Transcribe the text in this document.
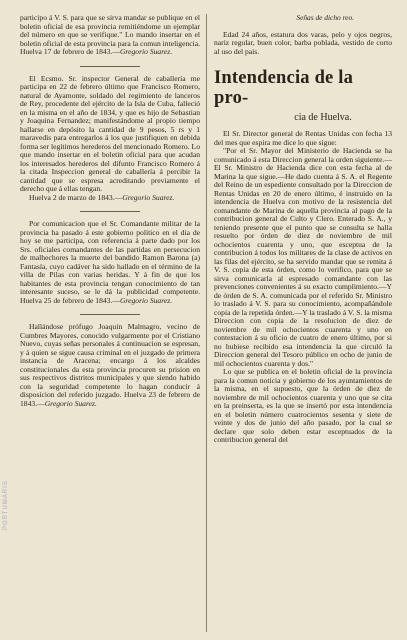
PORTUMARIS

participo á V. S. para que se sirva mandar se publique en el boletin oficial de esa provincia remitiéndome un ejemplar del número en que se verifique." Lo mando insertar en el boletin oficial de esta provincia para la comun inteligencia. Huelva 17 de febrero de 1843.—Gregorio Suarez.

El Ecsmo. Sr. inspector General de caballería me participa en 22 de febrero último que Francisco Romero, natural de Ayamonte, soldado del regimiento de lanceros de Rey, procedente del ejército de la Isla de Cuba, falleció en la misma en el año de 1834, y que es hijo de Sebastian y Joaquina Fernandez; manifestándome al propio tiempo hallarse en depósito la cantidad de 9 pesos, 5 rs y 1 maravedis para entregarlos á los que justifiquen en debida forma ser legítimos herederos del mencionado Romero. Lo que mando insertar en el boletin oficial para que acudan los interesados herederos del difunto Francisco Romero á la citada Inspeccion general de caballería á percibir la cantidad que se espresa acreditando previamente el derecho que á ellas tengan.

Huelva 2 de marzo de 1843.—Gregorio Suarez.

Por comunicacion que el Sr. Comandante militar de la provincia ha pasado á este gobierno político en el dia de hoy se me participa, con referencia á parte dado por los Srs. oficiales comandantes de las partidas en persecucion de malhechores la muerte del bandido Ramon Barona (a) Fantasía, cuyo cadáver ha sido hallado en el término de la villa de Pilas con varias heridas. Y á fin de que los habitantes de esta provincia tengan conocimiento de tan interesante suceso, se le dá la publicidad competente. Huelva 25 de febrero de 1843.—Gregorio Suarez.

Hallándose prófugo Joaquin Malmagro, vecino de Cumbres Mayores, conocido vulgarmente por el Cristiano Nuevo, cuyas señas personales á continuacion se espresan, y á quien se sigue causa criminal en el juzgado de primera instancia de Aracena; encargo á los alcaldes constitucionales da esta provincia procuren su prision en sus respectivos distritos municipales y que siendo habido con la seguridad competente lo hagan conducir á disposicion del referido juzgado. Huelva 23 de febrero de 1843.—Gregorio Suarez.

Señas de dicho reo.

Edad 24 años, estatura dos varas, pelo y ojos negros, nariz regular, buen color, barba poblada, vestido de corto al uso del pais.

Intendencia de la pro-
cia de Huelva.

El Sr. Director general de Rentas Unidas con fecha 13 del mes que espira me dice lo que sigue:

"Por el Sr. Mayor del Ministerio de Hacienda se ha comunicado á esta Direccion general la orden siguiente.—El Sr. Ministro de Hacienda dice con esta fecha al de Marina la que sigue.—He dado cuenta á S. A. el Regente del Reino de un espediente consultado por la Direccion de Rentas Unidas en 20 de enero último, é instruido en la intendencia de Huelva con motivo de la resistencia del comandante de Marina de aquella provincia al pago de la contribucion general de Culto y Clero. Enterado S. A., y teniendo presente que el punto que se consulta se halla resuelto por órden de diez de noviembre de mil ochocientos cuarenta y uno, que esceptua de la contribucion á todos los militares de la clase de activos en las filas del ejército, se ha servido mandar que se remita á V. S. copia de esta órden, como lo verifico, para que se sirva comunicarla al espresado comandante con las prevenciones convenientes á su exacto cumplimiento.—Y de órden de S. A. comunicada por el referido Sr. Ministro lo traslado á V. S. para su conocimiento, acompañándole copia de la repetida órden.—Y la traslado á V. S. la misma Direccion con copia de la resolucion de diez de noviembre de mil ochocientos cuarenta y uno en contestacion á su oficio de cuatro de enero último, por si no hubiese recibido esa intendencia la que circuló la Direccion general del Tesoro público en ocho de junio de mil ochocientos cuarenta y dos."

Lo que se publica en el boletin oficial de la provincia para la comun noticia y gobierno de los ayuntamientos de la misma, en el supuesto, que la órden de diez de noviembre de mil ochocientos cuarenta y uno que se cita en la preinserta, es la que se insertó por esta intendencia en el boletin número cuatrocientos sesenta y siete de veinte y dos de junio del año pasado, por la cual se declare que solo deben estar esceptuados de la contribucion general del
